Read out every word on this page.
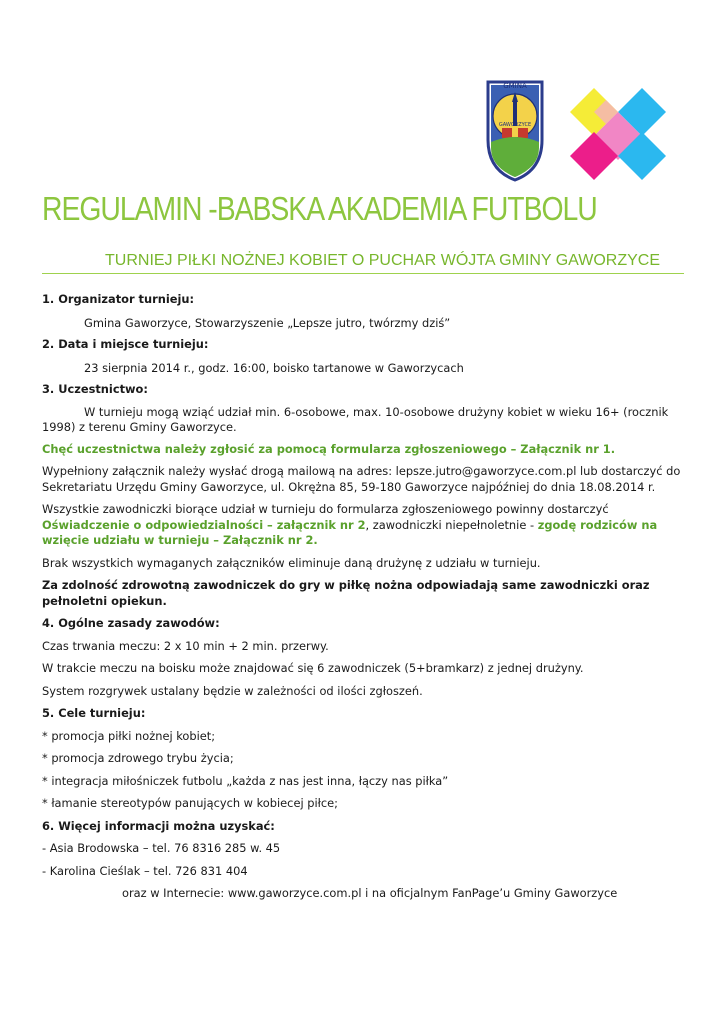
GMINA
GAWORZYCE
REGULAMIN -BABSKA AKADEMIA FUTBOLU
TURNIEJ PIŁKI NOŻNEJ KOBIET O PUCHAR WÓJTA GMINY GAWORZYCE

1. Organizator turnieju:

Gmina Gaworzyce, Stowarzyszenie „Lepsze jutro, twórzmy dziś”

2. Data i miejsce turnieju:

23 sierpnia 2014 r., godz. 16:00, boisko tartanowe w Gaworzycach

3. Uczestnictwo:

W turnieju mogą wziąć udział min. 6-osobowe, max. 10-osobowe drużyny kobiet w wieku 16+ (rocznik 1998) z terenu Gminy Gaworzyce.

Chęć uczestnictwa należy zgłosić za pomocą formularza zgłoszeniowego – Załącznik nr 1.

Wypełniony załącznik należy wysłać drogą mailową na adres: lepsze.jutro@gaworzyce.com.pl lub dostarczyć do Sekretariatu Urzędu Gminy Gaworzyce, ul. Okrężna 85, 59-180 Gaworzyce najpóźniej do dnia 18.08.2014 r.

Wszystkie zawodniczki biorące udział w turnieju do formularza zgłoszeniowego powinny dostarczyć Oświadczenie o odpowiedzialności – załącznik nr 2, zawodniczki niepełnoletnie - zgodę rodziców na wzięcie udziału w turnieju – Załącznik nr 2.

Brak wszystkich wymaganych załączników eliminuje daną drużynę z udziału w turnieju.

Za zdolność zdrowotną zawodniczek do gry w piłkę nożna odpowiadają same zawodniczki oraz pełnoletni opiekun.

4. Ogólne zasady zawodów:

Czas trwania meczu: 2 x 10 min + 2 min. przerwy.

W trakcie meczu na boisku może znajdować się 6 zawodniczek (5+bramkarz) z jednej drużyny.

System rozgrywek ustalany będzie w zależności od ilości zgłoszeń.

5. Cele turnieju:

* promocja piłki nożnej kobiet;

* promocja zdrowego trybu życia;

* integracja miłośniczek futbolu „każda z nas jest inna, łączy nas piłka”

* łamanie stereotypów panujących w kobiecej piłce;

6. Więcej informacji można uzyskać:

- Asia Brodowska – tel. 76 8316 285 w. 45

- Karolina Cieślak – tel. 726 831 404

oraz w Internecie: www.gaworzyce.com.pl i na oficjalnym FanPage’u Gminy Gaworzyce
